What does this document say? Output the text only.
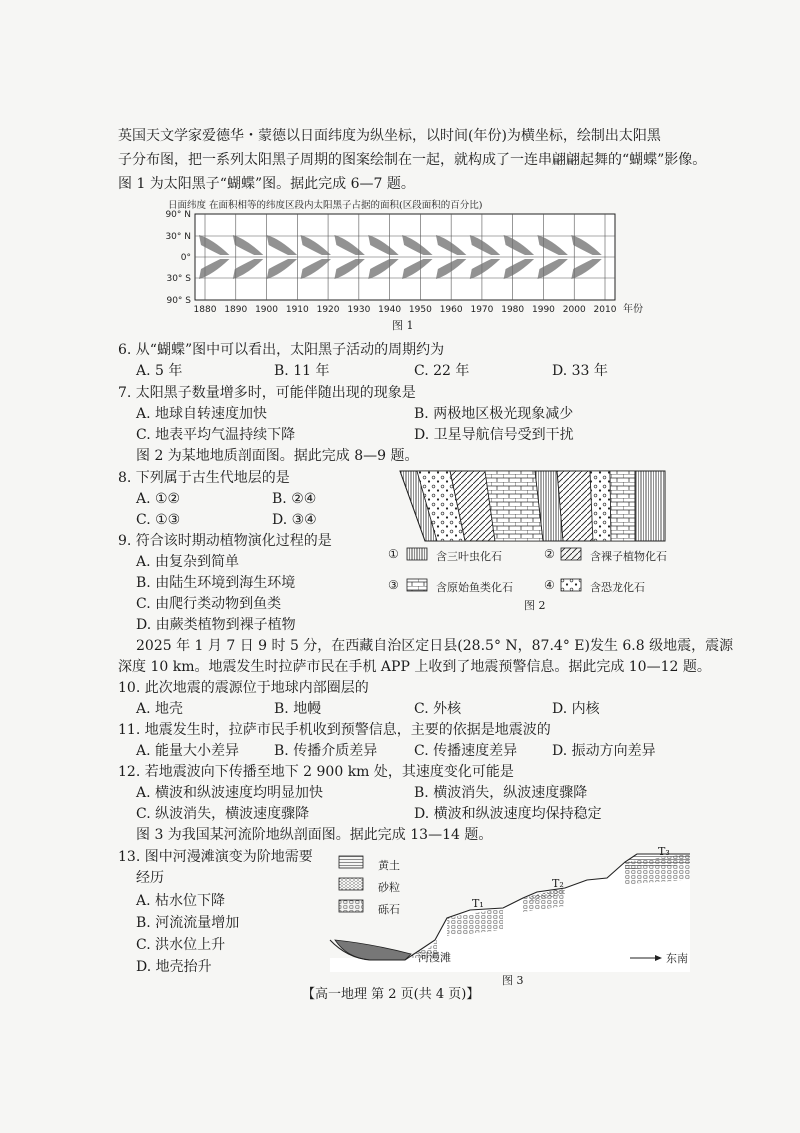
英国天文学家爱德华・蒙德以日面纬度为纵坐标，以时间(年份)为横坐标，绘制出太阳黑
子分布图，把一系列太阳黑子周期的图案绘制在一起，就构成了一连串翩翩起舞的“蝴蝶”影像。
图 1 为太阳黑子“蝴蝶”图。据此完成 6—7 题。
日面纬度 在面积相等的纬度区段内太阳黑子占据的面积(区段面积的百分比)
90° N
30° N
0°
30° S
90° S
1880 1890 1900 1910 1920 1930 1940 1950 1960 1970 1980 1990 2000 2010 年份
图 1
6. 从“蝴蝶”图中可以看出，太阳黑子活动的周期约为
A. 5 年	B. 11 年	C. 22 年	D. 33 年
7. 太阳黑子数量增多时，可能伴随出现的现象是
A. 地球自转速度加快	B. 两极地区极光现象减少
C. 地表平均气温持续下降	D. 卫星导航信号受到干扰
图 2 为某地地质剖面图。据此完成 8—9 题。
8. 下列属于古生代地层的是
A. ①②	B. ②④
C. ①③	D. ③④
9. 符合该时期动植物演化过程的是
A. 由复杂到简单
B. 由陆生环境到海生环境
C. 由爬行类动物到鱼类
D. 由蕨类植物到裸子植物
①	含三叶虫化石	②	含裸子植物化石
③	含原始鱼类化石	④	含恐龙化石
图 2
2025 年 1 月 7 日 9 时 5 分，在西藏自治区定日县(28.5° N，87.4° E)发生 6.8 级地震，震源
深度 10 km。地震发生时拉萨市民在手机 APP 上收到了地震预警信息。据此完成 10—12 题。
10. 此次地震的震源位于地球内部圈层的
A. 地壳	B. 地幔	C. 外核	D. 内核
11. 地震发生时，拉萨市民手机收到预警信息，主要的依据是地震波的
A. 能量大小差异 B. 传播介质差异	C. 传播速度差异 D. 振动方向差异
12. 若地震波向下传播至地下 2 900 km 处，其速度变化可能是
A. 横波和纵波速度均明显加快	B. 横波消失，纵波速度骤降
C. 纵波消失，横波速度骤降	D. 横波和纵波速度均保持稳定
图 3 为我国某河流阶地纵剖面图。据此完成 13—14 题。
13. 图中河漫滩演变为阶地需要
经历
A. 枯水位下降
B. 河流流量增加
C. 洪水位上升
D. 地壳抬升
黄土
砂粒
砾石	T₁
T₂
T₃
河漫滩	东南
图 3
【高一地理 第 2 页(共 4 页)】
